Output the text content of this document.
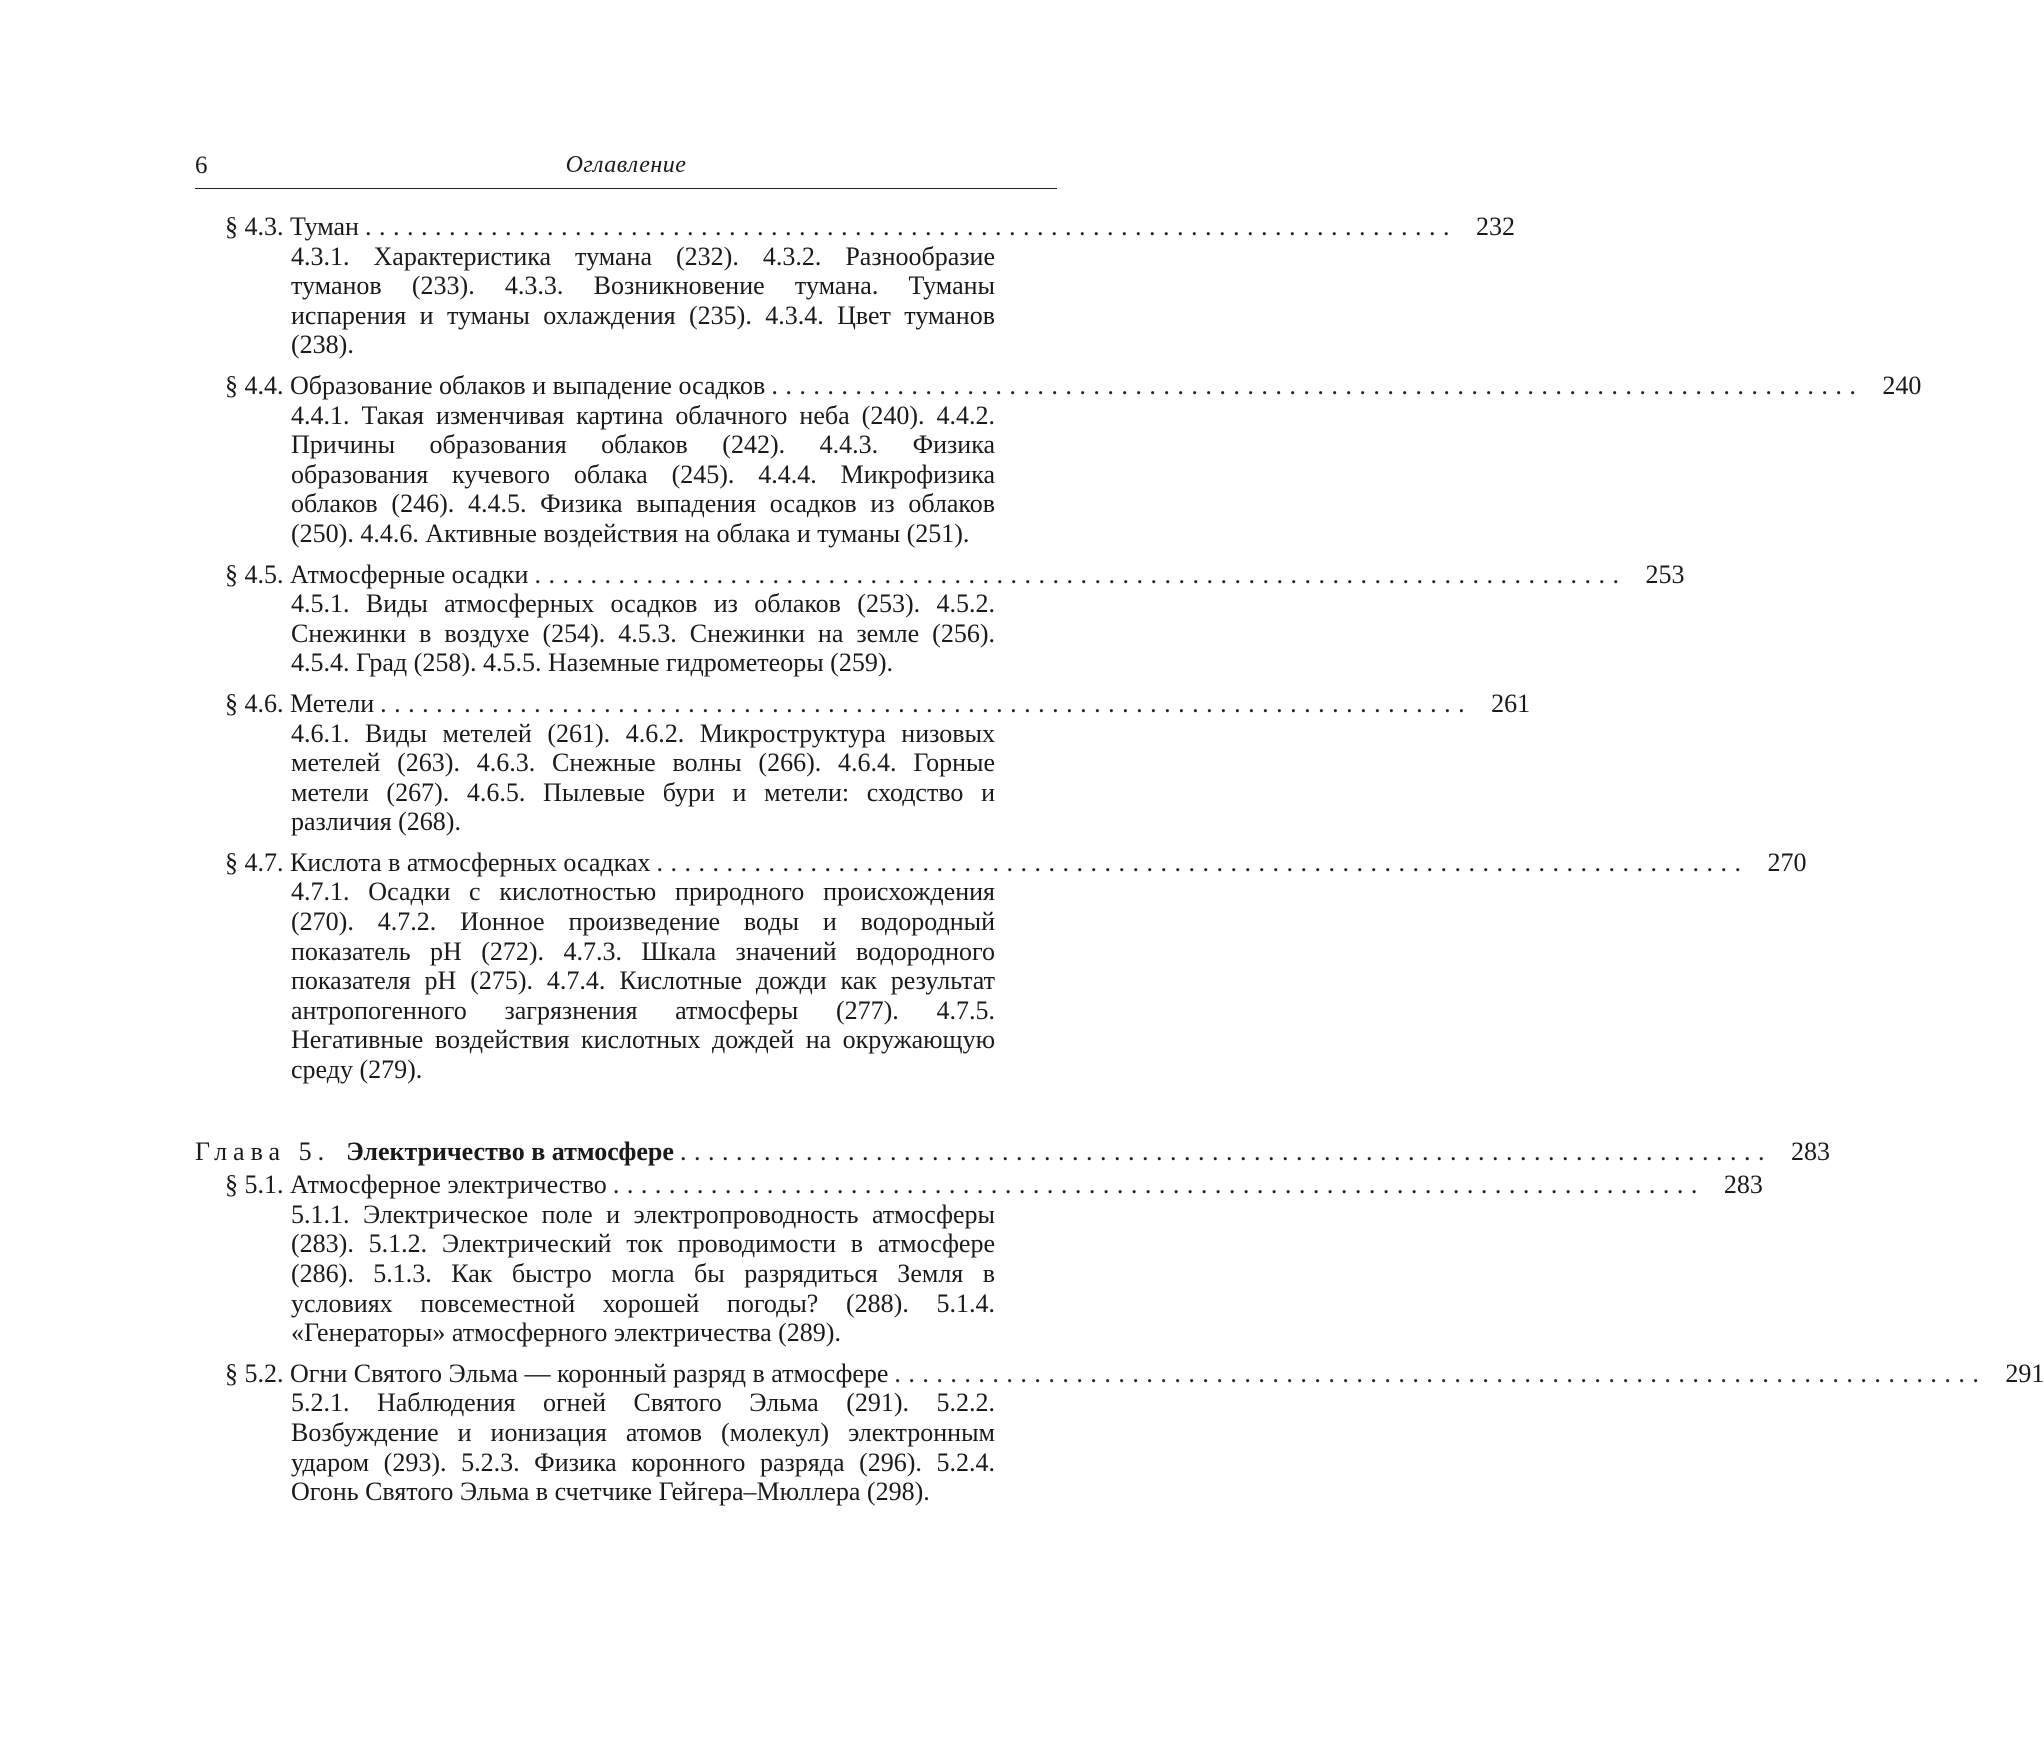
6	Оглавление
§ 4.3. Туман .............................................................................. 232
4.3.1. Характеристика тумана (232). 4.3.2. Разнообразие туманов (233). 4.3.3. Возникновение тумана. Туманы испарения и туманы охлаждения (235). 4.3.4. Цвет туманов (238).
§ 4.4. Образование облаков и выпадение осадков .............................................................................. 240
4.4.1. Такая изменчивая картина облачного неба (240). 4.4.2. Причины образования облаков (242). 4.4.3. Физика образования кучевого облака (245). 4.4.4. Микрофизика облаков (246). 4.4.5. Физика выпадения осадков из облаков (250). 4.4.6. Активные воздействия на облака и туманы (251).
§ 4.5. Атмосферные осадки .............................................................................. 253
4.5.1. Виды атмосферных осадков из облаков (253). 4.5.2. Снежинки в воздухе (254). 4.5.3. Снежинки на земле (256). 4.5.4. Град (258). 4.5.5. Наземные гидрометеоры (259).
§ 4.6. Метели .............................................................................. 261
4.6.1. Виды метелей (261). 4.6.2. Микроструктура низовых метелей (263). 4.6.3. Снежные волны (266). 4.6.4. Горные метели (267). 4.6.5. Пылевые бури и метели: сходство и различия (268).
§ 4.7. Кислота в атмосферных осадках .............................................................................. 270
4.7.1. Осадки с кислотностью природного происхождения (270). 4.7.2. Ионное произведение воды и водородный показатель pH (272). 4.7.3. Шкала значений водородного показателя pH (275). 4.7.4. Кислотные дожди как результат антропогенного загрязнения атмосферы (277). 4.7.5. Негативные воздействия кислотных дождей на окружающую среду (279).
Глава 5. Электричество в атмосфере .............................................................................. 283
§ 5.1. Атмосферное электричество .............................................................................. 283
5.1.1. Электрическое поле и электропроводность атмосферы (283). 5.1.2. Электрический ток проводимости в атмосфере (286). 5.1.3. Как быстро могла бы разрядиться Земля в условиях повсеместной хорошей погоды? (288). 5.1.4. «Генераторы» атмосферного электричества (289).
§ 5.2. Огни Святого Эльма — коронный разряд в атмосфере .............................................................................. 291
5.2.1. Наблюдения огней Святого Эльма (291). 5.2.2. Возбуждение и ионизация атомов (молекул) электронным ударом (293). 5.2.3. Физика коронного разряда (296). 5.2.4. Огонь Святого Эльма в счетчике Гейгера–Мюллера (298).
